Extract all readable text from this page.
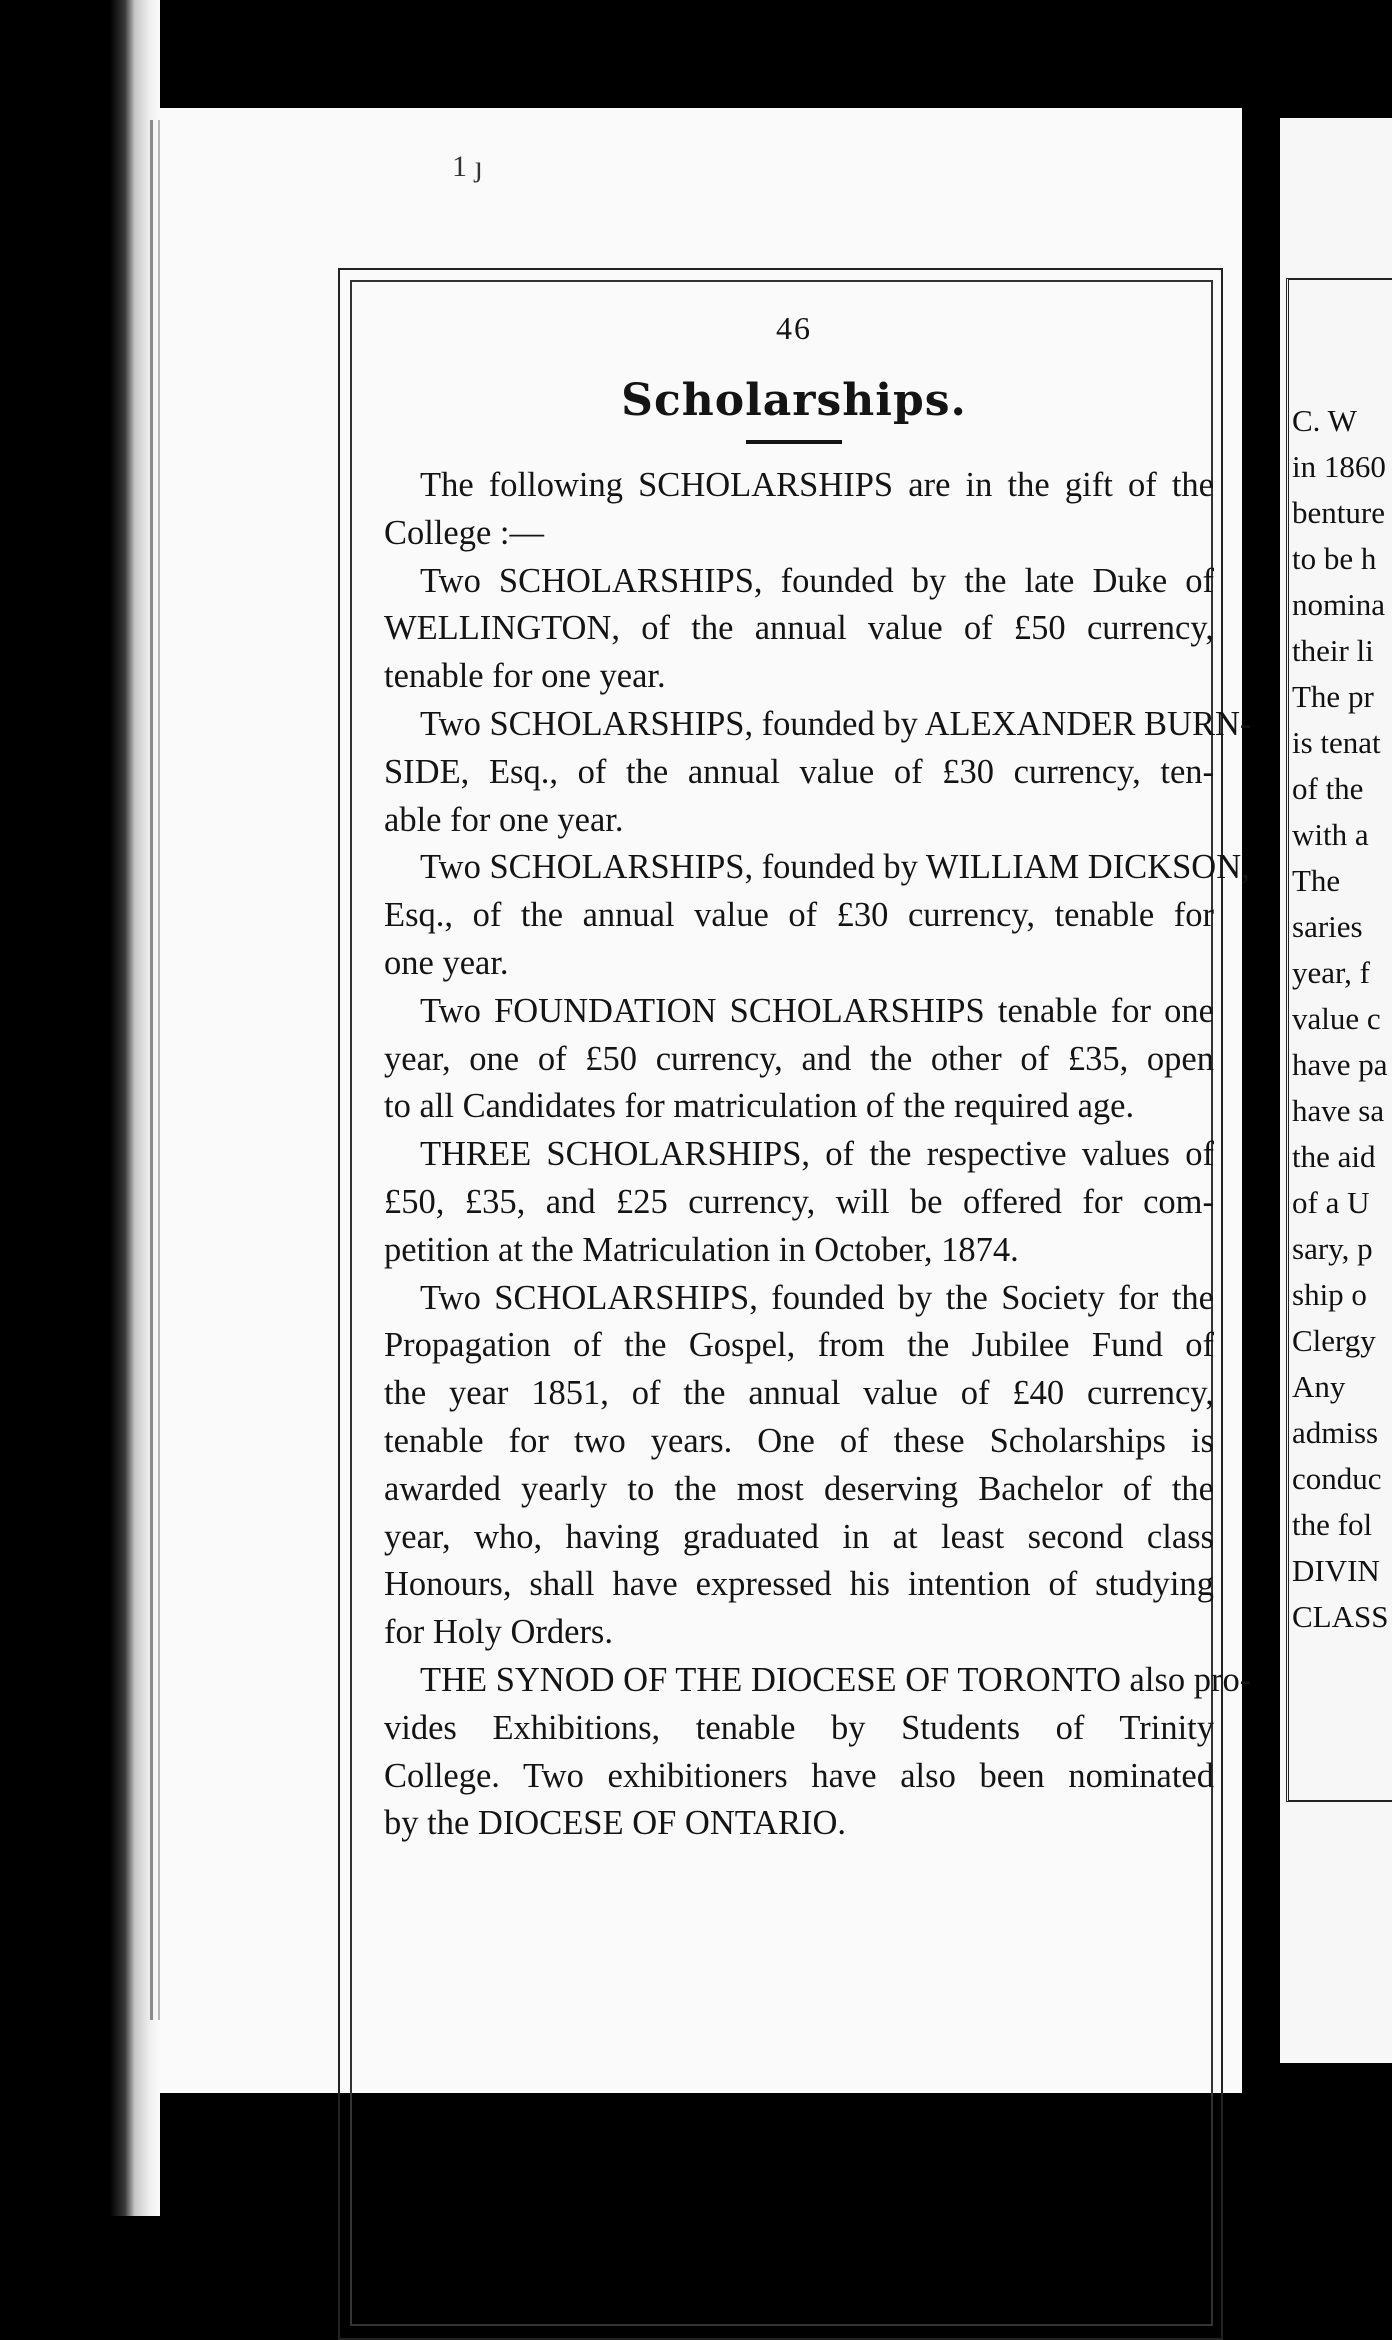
C. W
in 1860
benture
to be h
nomina
their li
The pr
is tenat
of the
with a
The
saries
year, f
value c
have pa
have sa
the aid
of a U
sary, p
ship o
Clergy
Any
admiss
conduc
the fol
DIVIN
CLASS
1 ȷ
46
Scholarships.
The following SCHOLARSHIPS are in the gift of the
College :—
Two SCHOLARSHIPS, founded by the late Duke of
WELLINGTON, of the annual value of £50 currency,
tenable for one year.
Two SCHOLARSHIPS, founded by ALEXANDER BURN-
SIDE, Esq., of the annual value of £30 currency, ten-
able for one year.
Two SCHOLARSHIPS, founded by WILLIAM DICKSON,
Esq., of the annual value of £30 currency, tenable for
one year.
Two FOUNDATION SCHOLARSHIPS tenable for one
year, one of £50 currency, and the other of £35, open
to all Candidates for matriculation of the required age.
THREE SCHOLARSHIPS, of the respective values of
£50, £35, and £25 currency, will be offered for com-
petition at the Matriculation in October, 1874.
Two SCHOLARSHIPS, founded by the Society for the
Propagation of the Gospel, from the Jubilee Fund of
the year 1851, of the annual value of £40 currency,
tenable for two years. One of these Scholarships is
awarded yearly to the most deserving Bachelor of the
year, who, having graduated in at least second class
Honours, shall have expressed his intention of studying
for Holy Orders.
THE SYNOD OF THE DIOCESE OF TORONTO also pro-
vides Exhibitions, tenable by Students of Trinity
College. Two exhibitioners have also been nominated
by the DIOCESE OF ONTARIO.
